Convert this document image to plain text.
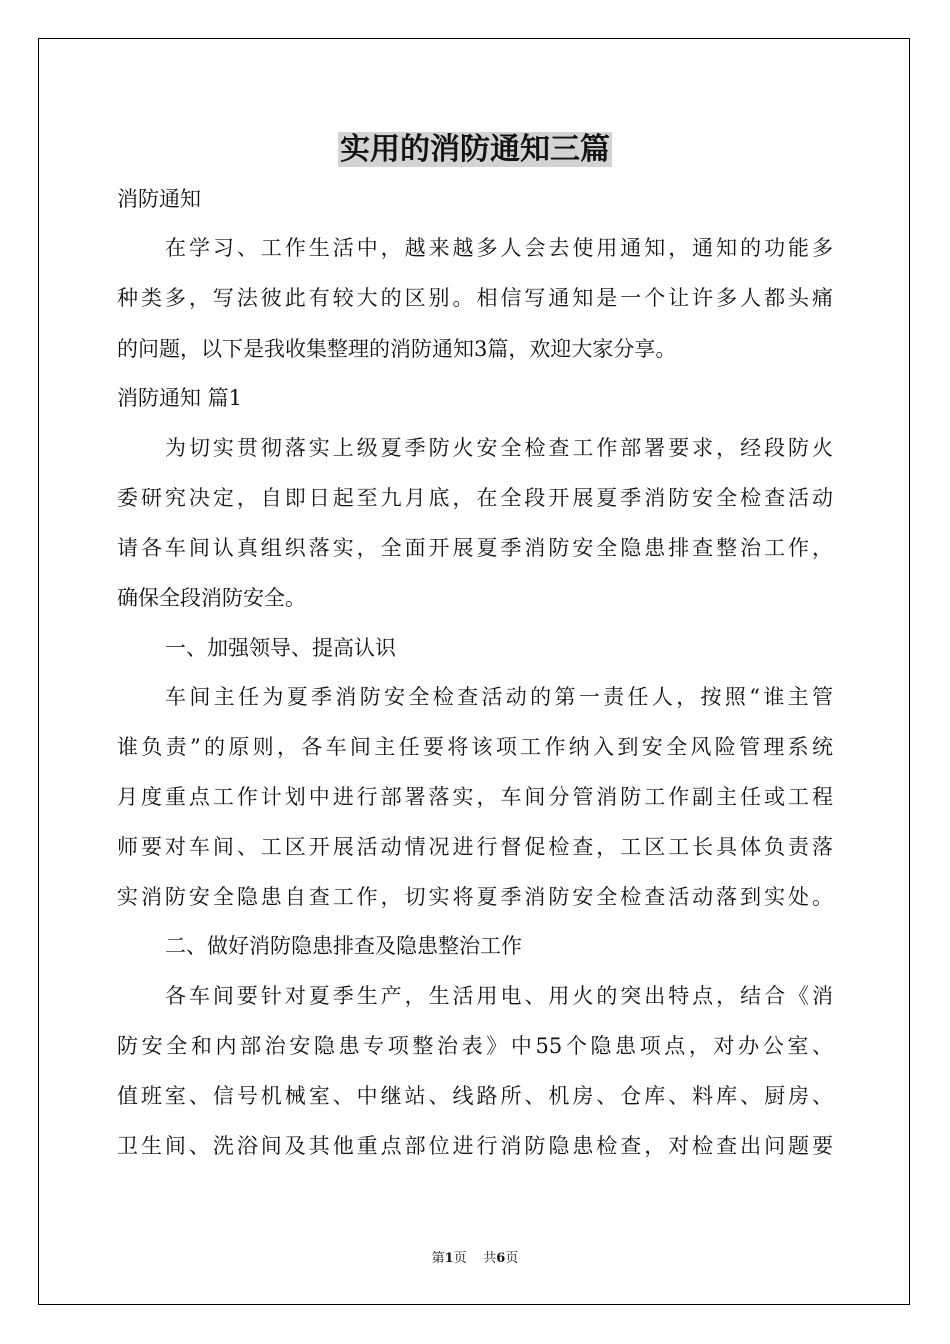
实用的消防通知三篇
消防通知
在学习、工作生活中，越来越多人会去使用通知，通知的功能多
种类多，写法彼此有较大的区别。相信写通知是一个让许多人都头痛
的问题，以下是我收集整理的消防通知3篇，欢迎大家分享。
消防通知 篇1
为切实贯彻落实上级夏季防火安全检查工作部署要求，经段防火
委研究决定，自即日起至九月底，在全段开展夏季消防安全检查活动
请各车间认真组织落实，全面开展夏季消防安全隐患排查整治工作，
确保全段消防安全。
一、加强领导、提高认识
车间主任为夏季消防安全检查活动的第一责任人，按照“谁主管
谁负责”的原则，各车间主任要将该项工作纳入到安全风险管理系统
月度重点工作计划中进行部署落实，车间分管消防工作副主任或工程
师要对车间、工区开展活动情况进行督促检查，工区工长具体负责落
实消防安全隐患自查工作，切实将夏季消防安全检查活动落到实处。
二、做好消防隐患排查及隐患整治工作
各车间要针对夏季生产，生活用电、用火的突出特点，结合《消
防安全和内部治安隐患专项整治表》中55个隐患项点，对办公室、
值班室、信号机械室、中继站、线路所、机房、仓库、料库、厨房、
卫生间、洗浴间及其他重点部位进行消防隐患检查，对检查出问题要
第1页 共6页
